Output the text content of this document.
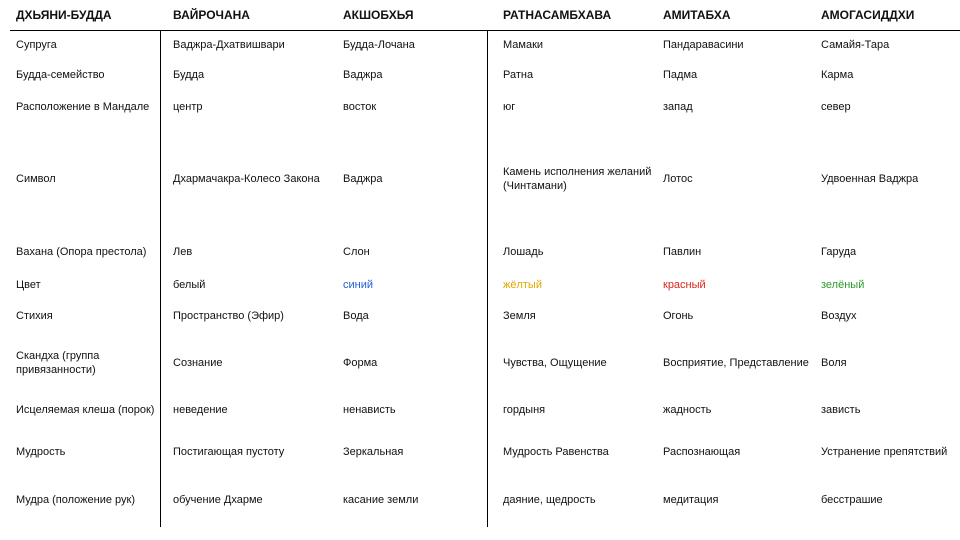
ДХЬЯНИ-БУДДА	ВАЙРОЧАНА	АКШОБХЬЯ	РАТНАСАМБХАВА	АМИТАБХА	АМОГАСИДДХИ
Супруга	Ваджра-Дхатвишвари	Будда-Лочана	Мамаки	Пандаравасини	Самайя-Тара
Будда-семейство	Будда	Ваджра	Ратна	Падма	Карма
Расположение в Мандале	центр	восток	юг	запад	север
Символ	Дхармачакра-Колесо Закона	Ваджра	Камень исполнения желаний (Чинтамани)	Лотос	Удвоенная Ваджра
Вахана (Опора престола)	Лев	Слон	Лошадь	Павлин	Гаруда
Цвет	белый	синий	жёлтый	красный	зелёный
Стихия	Пространство (Эфир)	Вода	Земля	Огонь	Воздух
Скандха (группа привязанности)	Сознание	Форма	Чувства, Ощущение	Восприятие, Представление	Воля
Исцеляемая клеша (порок)	неведение	ненависть	гордыня	жадность	зависть
Мудрость	Постигающая пустоту	Зеркальная	Мудрость Равенства	Распознающая	Устранение препятствий
Мудра (положение рук)	обучение Дхарме	касание земли	даяние, щедрость	медитация	бесстрашие
